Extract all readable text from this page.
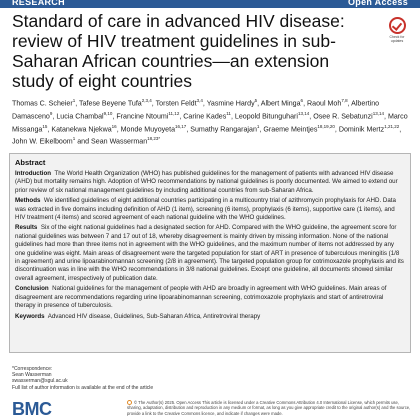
RESEARCH	Open Access
Standard of care in advanced HIV disease: review of HIV treatment guidelines in sub-Saharan African countries—an extension study of eight countries
Check for updates
Thomas C. Scheier$^1$, Tafese Beyene Tufa$^{2,3,4}$, Torsten Feldt$^{3,4}$, Yasmine Hardy$^5$, Albert Minga$^6$, Raoul Moh$^{7,8}$, Albertino Damasceno$^9$, Lucia Chambal$^{9,10}$, Francine Ntoumi$^{11,12}$, Carine Kades$^{11}$, Leopold Bitunguhari$^{13,14}$, Osee R. Sebatunzi$^{13,14}$, Marco Missanga$^{15}$, Katanekwa Njekwa$^{16}$, Monde Muyoyeta$^{16,17}$, Sumathy Rangarajan$^1$, Graeme Meintjes$^{18,19,20}$, Dominik Mertz$^{1,21,22}$, John W. Eikelboom$^1$ and Sean Wasserman$^{18,23*}$
Abstract

Introduction The World Health Organization (WHO) has published guidelines for the management of patients with advanced HIV disease (AHD) but mortality remains high. Adoption of WHO recommendations by national guidelines is poorly documented. We aimed to extend our prior review of six national management guidelines by including additional countries from sub-Saharan Africa.

Methods We identified guidelines of eight additional countries participating in a multicountry trial of azithromycin prophylaxis for AHD. Data was extracted in five domains including definition of AHD (1 item), screening (6 items), prophylaxis (6 items), supportive care (1 items), and HIV treatment (4 items) and scored agreement of each national guideline with the WHO guidelines.

Results Six of the eight national guidelines had a designated section for AHD. Compared with the WHO guideline, the agreement score for national guidelines was between 7 and 17 out of 18, whereby disagreement is mainly driven by missing information. None of the national guidelines had more than three items not in agreement with the WHO guidelines, and the maximum number of items not addressed by any one guideline was eight. Main areas of disagreement were the targeted population for start of ART in presence of tuberculous meningitis (1/8 in agreement) and urine lipoarabinomannan screening (2/8 in agreement). The targeted population group for cotrimoxazole prophylaxis and its discontinuation was in line with the WHO recommendations in 3/8 national guidelines. Except one guideline, all documents showed similar overall agreement, irrespectively of publication date.

Conclusion National guidelines for the management of people with AHD are broadly in agreement with WHO guidelines. Main areas of disagreement are recommendations regarding urine lipoarabinomannan screening, cotrimoxazole prophylaxis and start of antiretroviral therapy in presence of tuberculosis.

Keywords Advanced HIV disease, Guidelines, Sub-Saharan Africa, Antiretroviral therapy

*Correspondence:
Sean Wasserman
swasserman@sgul.ac.uk
Full list of author information is available at the end of the article
BMC	© The Author(s) 2025. Open Access This article is licensed under a Creative Commons Attribution 4.0 International License, which permits use, sharing, adaptation, distribution and reproduction in any medium or format, as long as you give appropriate credit to the original author(s) and the source, provide a link to the Creative Commons licence, and indicate if changes were made.
